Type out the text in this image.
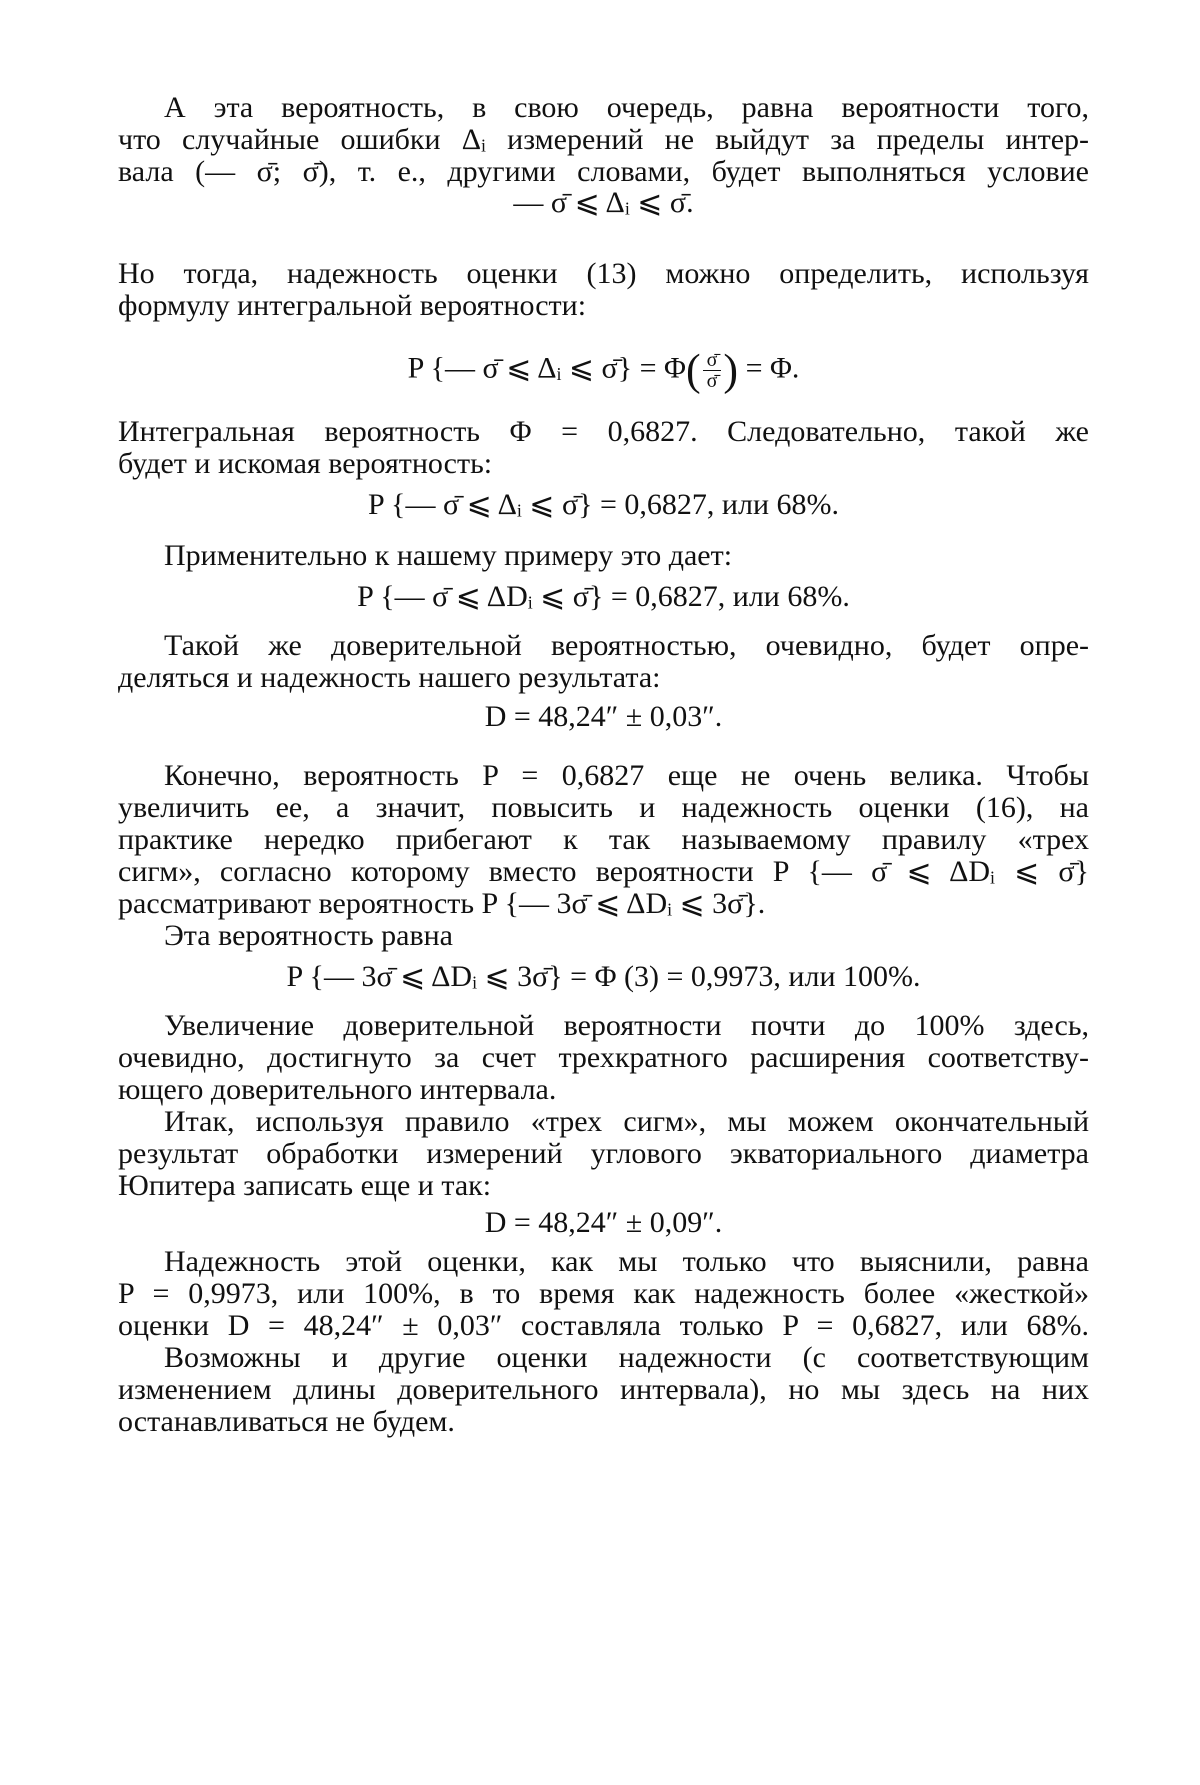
А эта вероятность, в свою очередь, равна вероятности того,
что случайные ошибки Δᵢ измерений не выйдут за пределы интер-
вала (— σ̄; σ̄), т. е., другими словами, будет выполняться условие
— σ̄ ⩽ Δᵢ ⩽ σ̄.
Но тогда, надежность оценки (13) можно определить, используя
формулу интегральной вероятности:
P {— σ̄ ⩽ Δᵢ ⩽ σ̄} = $\Phi( \frac{\sigmā}{\sigmā}$ ) = Φ.
Интегральная вероятность Φ = 0,6827. Следовательно, такой же
будет и искомая вероятность:
P {— σ̄ ⩽ Δᵢ ⩽ σ̄} = 0,6827, или 68%.
Применительно к нашему примеру это дает:
P {— σ̄ ⩽ ΔDᵢ ⩽ σ̄} = 0,6827, или 68%.
Такой же доверительной вероятностью, очевидно, будет опре-
деляться и надежность нашего результата:
D = 48,24″ ± 0,03″.
Конечно, вероятность P = 0,6827 еще не очень велика. Чтобы
увеличить ее, а значит, повысить и надежность оценки (16), на
практике нередко прибегают к так называемому правилу «трех
сигм», согласно которому вместо вероятности P {— σ̄ ⩽ ΔDᵢ ⩽ σ̄}
рассматривают вероятность P {— 3σ̄ ⩽ ΔDᵢ ⩽ 3σ̄}.
Эта вероятность равна
P {— 3σ̄ ⩽ ΔDᵢ ⩽ 3σ̄} = Φ (3) = 0,9973, или 100%.
Увеличение доверительной вероятности почти до 100% здесь,
очевидно, достигнуто за счет трехкратного расширения соответству-
ющего доверительного интервала.
Итак, используя правило «трех сигм», мы можем окончательный
результат обработки измерений углового экваториального диаметра
Юпитера записать еще и так:
D = 48,24″ ± 0,09″.
Надежность этой оценки, как мы только что выяснили, равна
P = 0,9973, или 100%, в то время как надежность более «жесткой»
оценки D = 48,24″ ± 0,03″ составляла только P = 0,6827, или 68%.
Возможны и другие оценки надежности (с соответствующим
изменением длины доверительного интервала), но мы здесь на них
останавливаться не будем.
